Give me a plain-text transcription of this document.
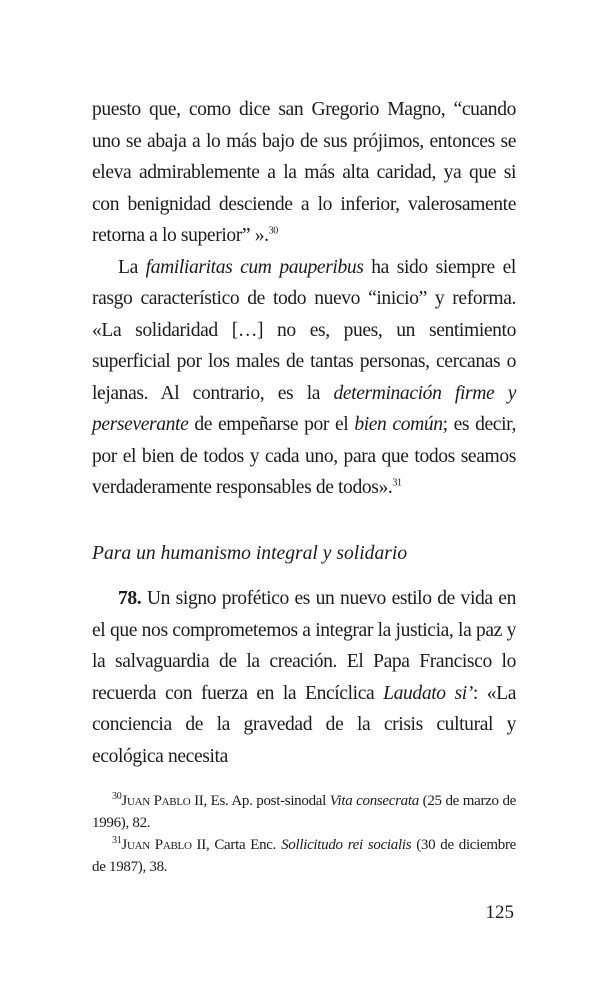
puesto que, como dice san Gregorio Magno, “cuando uno se abaja a lo más bajo de sus prójimos, entonces se eleva admirablemente a la más alta caridad, ya que si con benignidad desciende a lo inferior, valerosamente retorna a lo superior” ».$^{30}$

La familiaritas cum pauperibus ha sido siempre el rasgo característico de todo nuevo “inicio” y reforma. «La solidaridad […] no es, pues, un sentimiento superficial por los males de tantas personas, cercanas o lejanas. Al contrario, es la determinación firme y perseverante de empeñarse por el bien común; es decir, por el bien de todos y cada uno, para que todos seamos verdaderamente responsables de todos».$^{31}$

Para un humanismo integral y solidario

78. Un signo profético es un nuevo estilo de vida en el que nos comprometemos a integrar la justicia, la paz y la salvaguardia de la creación. El Papa Francisco lo recuerda con fuerza en la Encíclica Laudato si’: «La conciencia de la gravedad de la crisis cultural y ecológica necesita

$^{30}$Juan Pablo II, Es. Ap. post-sinodal Vita consecrata (25 de marzo de 1996), 82.

$^{31}$Juan Pablo II, Carta Enc. Sollicitudo rei socialis (30 de diciembre de 1987), 38.

125
